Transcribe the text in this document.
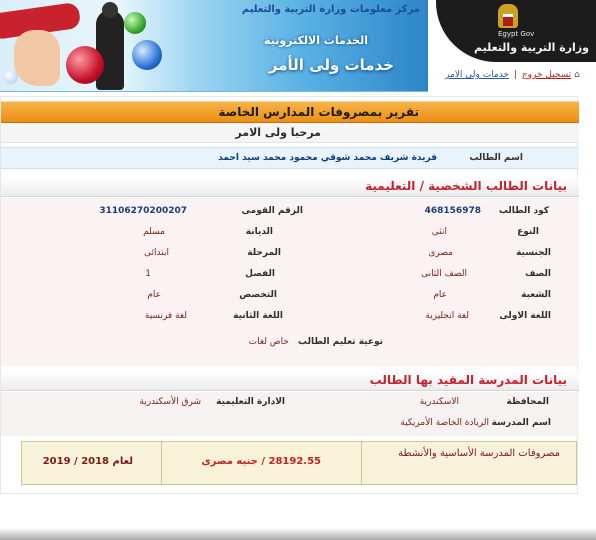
مركز معلومات وزارة التربية والتعليم
الخدمات الالكترونية
خدمات ولى الأمر
Egypt Gov
وزارة التربية والتعليم
⌂ تسجيل خروج | خدمات ولى الامر
تقرير بمصروفات المدارس الخاصة
مرحبا ولى الامر
اسم الطالب
فريدة شريف محمد شوقي محمود محمد سيد احمد
بيانات الطالب الشخصية / التعليمية
كود الطالب
468156978
الرقم القومى
31106270200207
النوع
انثى
الديانة
مسلم
الجنسية
مصرى
المرحلة
ابتدائى
الصف
الصف الثانى
الفصل
1
الشعبة
عام
التخصص
عام
اللغة الاولى
لغة انجليزية
اللغة الثانية
لغة فرنسية
نوعية تعليم الطالب
خاص لغات
بيانات المدرسة المقيد بها الطالب
المحافظة
الاسكندرية
الادارة التعليمية
شرق الأسكندرية
اسم المدرسة
الريادة الخاصة الأمريكية
لعام 2018 / 2019	28192.55 / جنيه مصرى
مصروفات المدرسة الأساسية والأنشطة
